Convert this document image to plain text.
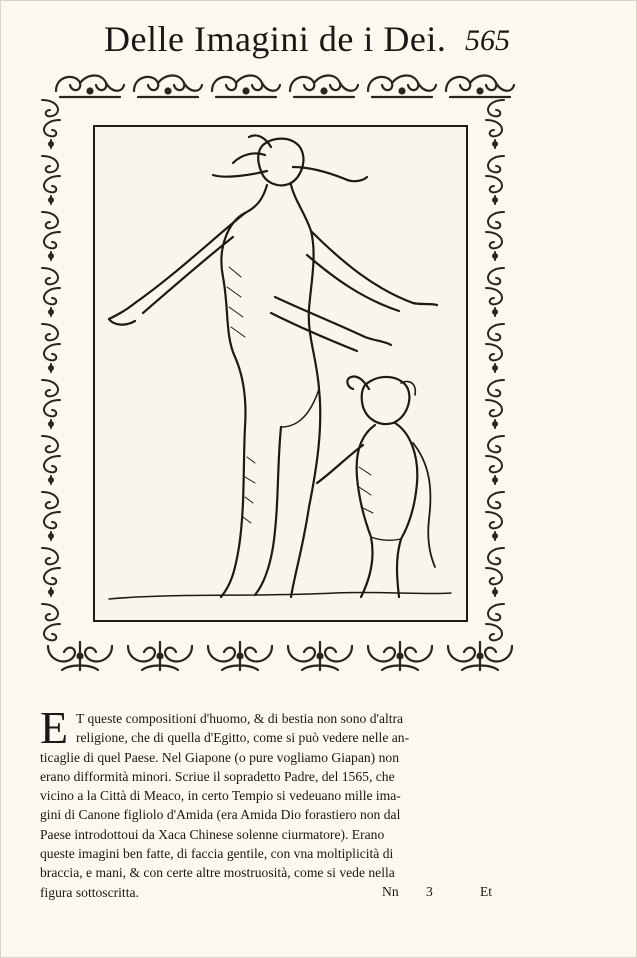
Delle Imagini de i Dei. 565
E T queste compositioni d'huomo, & di bestia non sono d'altra
religione, che di quella d'Egitto, come si può vedere nelle an-
ticaglie di quel Paese. Nel Giapone (o pure vogliamo Giapan) non
erano difformità minori. Scriue il sopradetto Padre, del 1565, che
vicino a la Città di Meaco, in certo Tempio si vedeuano mille ima-
gini di Canone figliolo d'Amida (era Amida Dio forastiero non dal
Paese introdottoui da Xaca Chinese solenne ciurmatore). Erano
queste imagini ben fatte, di faccia gentile, con vna moltiplicità di
braccia, e mani, & con certe altre mostruosità, come si vede nella
figura sottoscritta.	Nn 3	Et
